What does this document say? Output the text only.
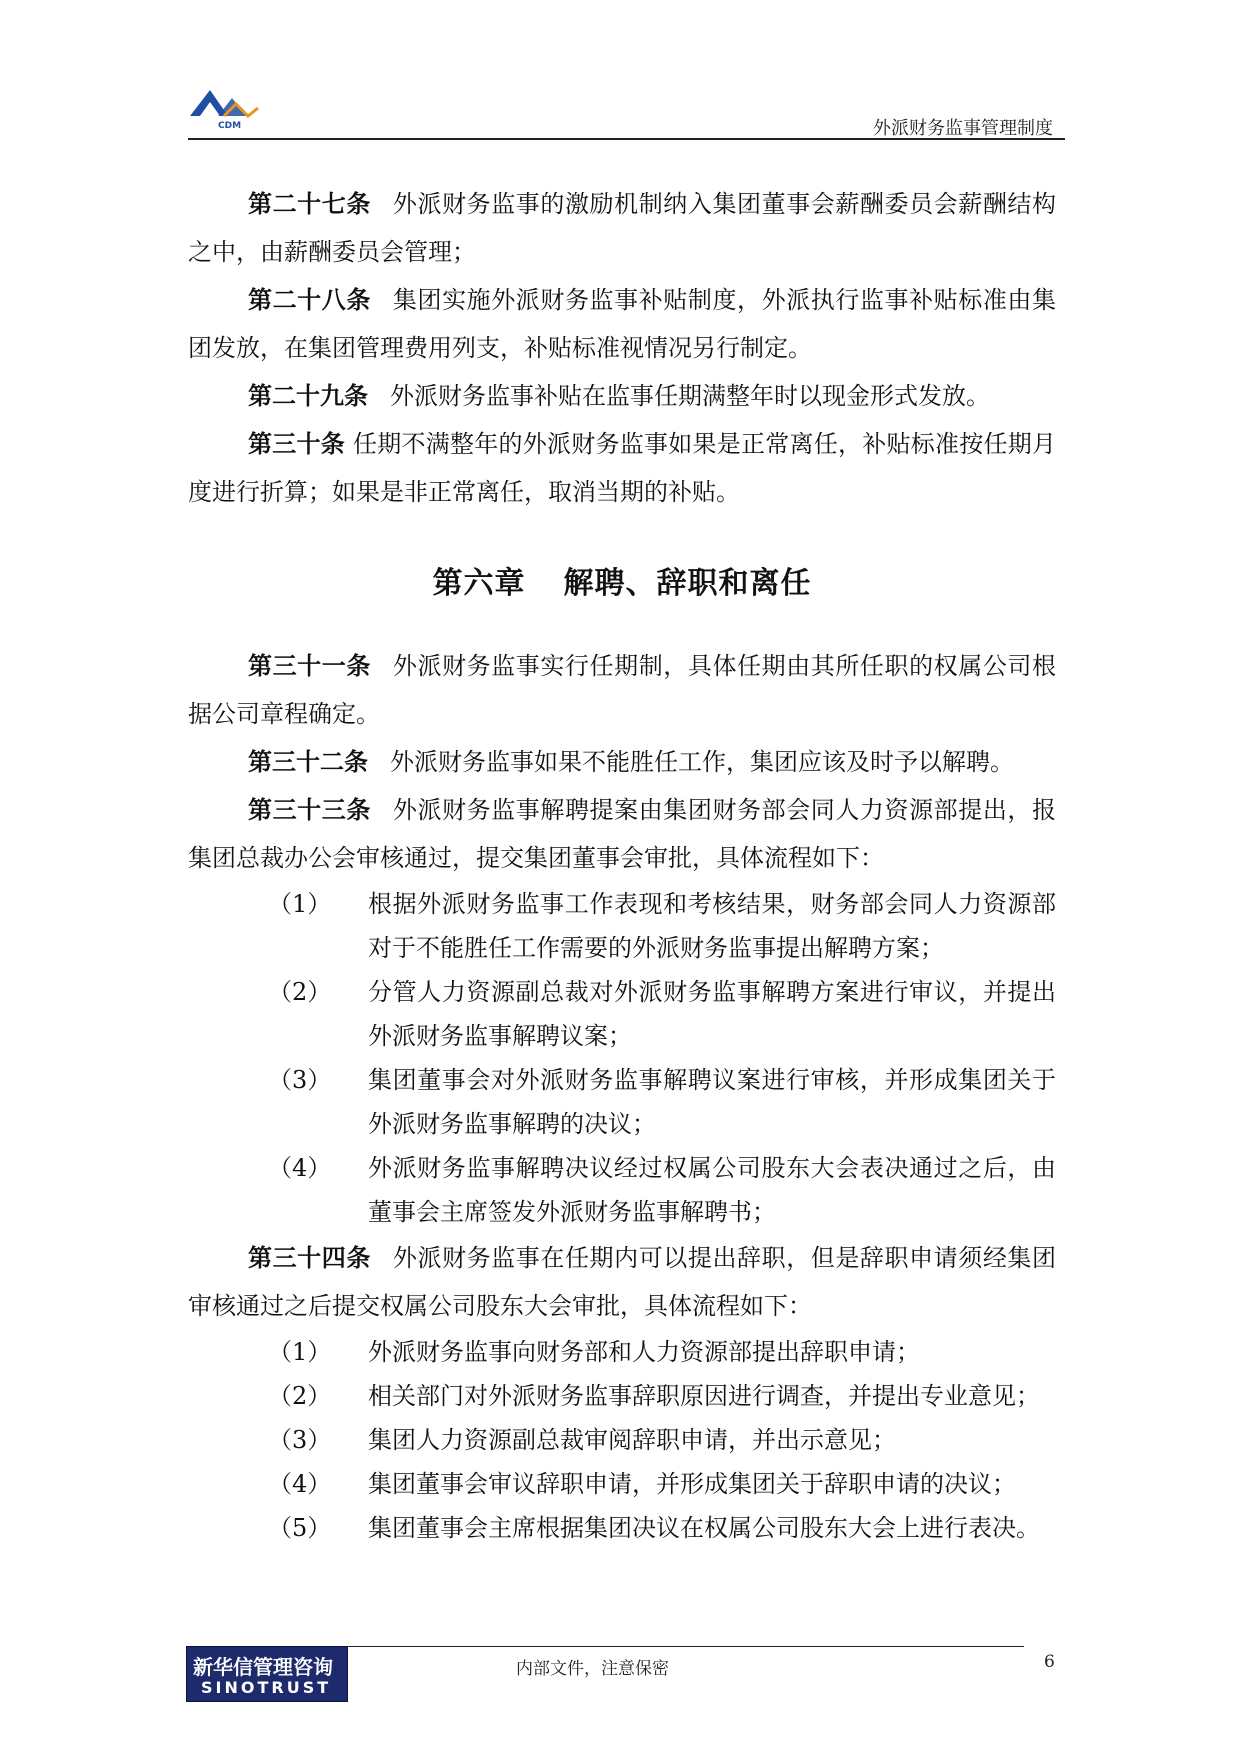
CDM	外派财务监事管理制度

第二十七条 外派财务监事的激励机制纳入集团董事会薪酬委员会薪酬结构之中，由薪酬委员会管理；

第二十八条 集团实施外派财务监事补贴制度，外派执行监事补贴标准由集团发放，在集团管理费用列支，补贴标准视情况另行制定。

第二十九条 外派财务监事补贴在监事任期满整年时以现金形式发放。

第三十条 任期不满整年的外派财务监事如果是正常离任，补贴标准按任期月度进行折算；如果是非正常离任，取消当期的补贴。

第六章 解聘、辞职和离任

第三十一条 外派财务监事实行任期制，具体任期由其所任职的权属公司根据公司章程确定。

第三十二条 外派财务监事如果不能胜任工作，集团应该及时予以解聘。

第三十三条 外派财务监事解聘提案由集团财务部会同人力资源部提出，报集团总裁办公会审核通过，提交集团董事会审批，具体流程如下：

（1）	根据外派财务监事工作表现和考核结果，财务部会同人力资源部对于不能胜任工作需要的外派财务监事提出解聘方案；
（2）	分管人力资源副总裁对外派财务监事解聘方案进行审议，并提出外派财务监事解聘议案；
（3）	集团董事会对外派财务监事解聘议案进行审核，并形成集团关于外派财务监事解聘的决议；
（4）	外派财务监事解聘决议经过权属公司股东大会表决通过之后，由董事会主席签发外派财务监事解聘书；

第三十四条 外派财务监事在任期内可以提出辞职，但是辞职申请须经集团审核通过之后提交权属公司股东大会审批，具体流程如下：

（1）	外派财务监事向财务部和人力资源部提出辞职申请；
（2）	相关部门对外派财务监事辞职原因进行调查，并提出专业意见；
（3）	集团人力资源副总裁审阅辞职申请，并出示意见；
（4）	集团董事会审议辞职申请，并形成集团关于辞职申请的决议；
（5）	集团董事会主席根据集团决议在权属公司股东大会上进行表决。
新华信管理咨询
SINOTRUST
内部文件，注意保密	6
